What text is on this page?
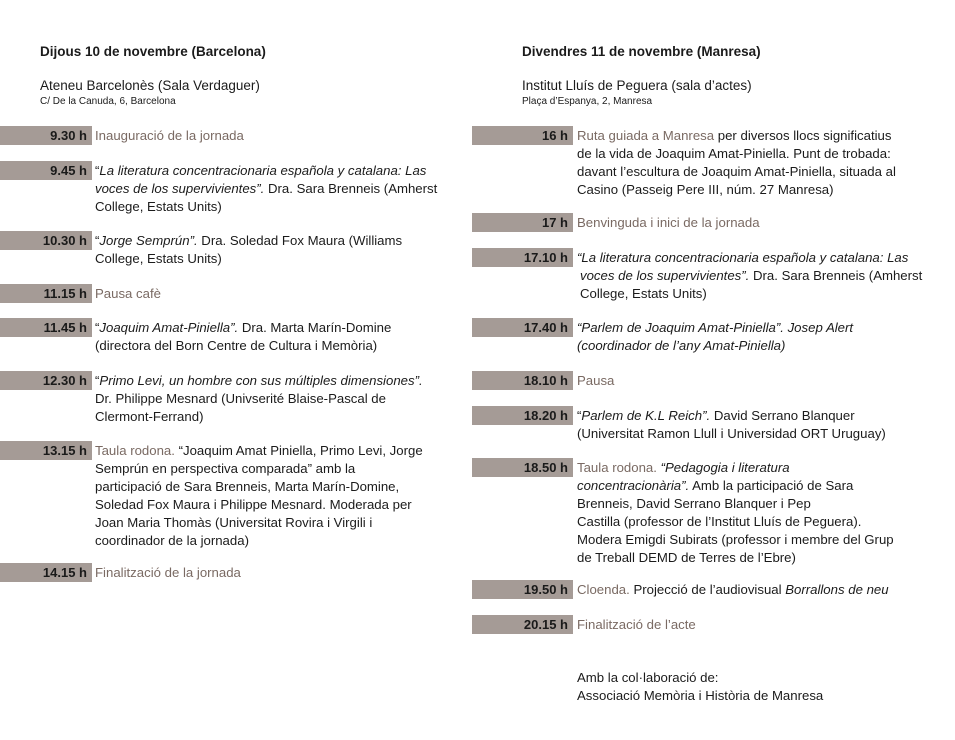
Dijous 10 de novembre (Barcelona)
Ateneu Barcelonès (Sala Verdaguer)
C/ De la Canuda, 6, Barcelona
9.30 h Inauguració de la jornada
9.45 h “La literatura concentracionaria española y catalana: Las
voces de los supervivientes”. Dra. Sara Brenneis (Amherst
College, Estats Units)
10.30 h “Jorge Semprún”. Dra. Soledad Fox Maura (Williams
College, Estats Units)
11.15 h Pausa cafè
11.45 h “Joaquim Amat-Piniella”. Dra. Marta Marín-Domine
(directora del Born Centre de Cultura i Memòria)
12.30 h “Primo Levi, un hombre con sus múltiples dimensiones”.
Dr. Philippe Mesnard (Univserité Blaise-Pascal de
Clermont-Ferrand)
13.15 h Taula rodona. “Joaquim Amat Piniella, Primo Levi, Jorge
Semprún en perspectiva comparada” amb la
participació de Sara Brenneis, Marta Marín-Domine,
Soledad Fox Maura i Philippe Mesnard. Moderada per
Joan Maria Thomàs (Universitat Rovira i Virgili i
coordinador de la jornada)
14.15 h Finalització de la jornada
Divendres 11 de novembre (Manresa)
Institut Lluís de Peguera (sala d’actes)
Plaça d’Espanya, 2, Manresa
16 h Ruta guiada a Manresa per diversos llocs significatius
de la vida de Joaquim Amat-Piniella. Punt de trobada:
davant l’escultura de Joaquim Amat-Piniella, situada al
Casino (Passeig Pere III, núm. 27 Manresa)
17 h Benvinguda i inici de la jornada
17.10 h “La literatura concentracionaria española y catalana: Las
voces de los supervivientes”. Dra. Sara Brenneis (Amherst
College, Estats Units)
17.40 h “Parlem de Joaquim Amat-Piniella”. Josep Alert
(coordinador de l’any Amat-Piniella)
18.10 h Pausa
18.20 h “Parlem de K.L Reich”. David Serrano Blanquer
(Universitat Ramon Llull i Universidad ORT Uruguay)
18.50 h Taula rodona. “Pedagogia i literatura
concentracionària”. Amb la participació de Sara
Brenneis, David Serrano Blanquer i Pep
Castilla (professor de l’Institut Lluís de Peguera).
Modera Emigdi Subirats (professor i membre del Grup
de Treball DEMD de Terres de l’Ebre)
19.50 h Cloenda. Projecció de l’audiovisual Borrallons de neu
20.15 h Finalització de l’acte
Amb la col·laboració de:
Associació Memòria i Història de Manresa
